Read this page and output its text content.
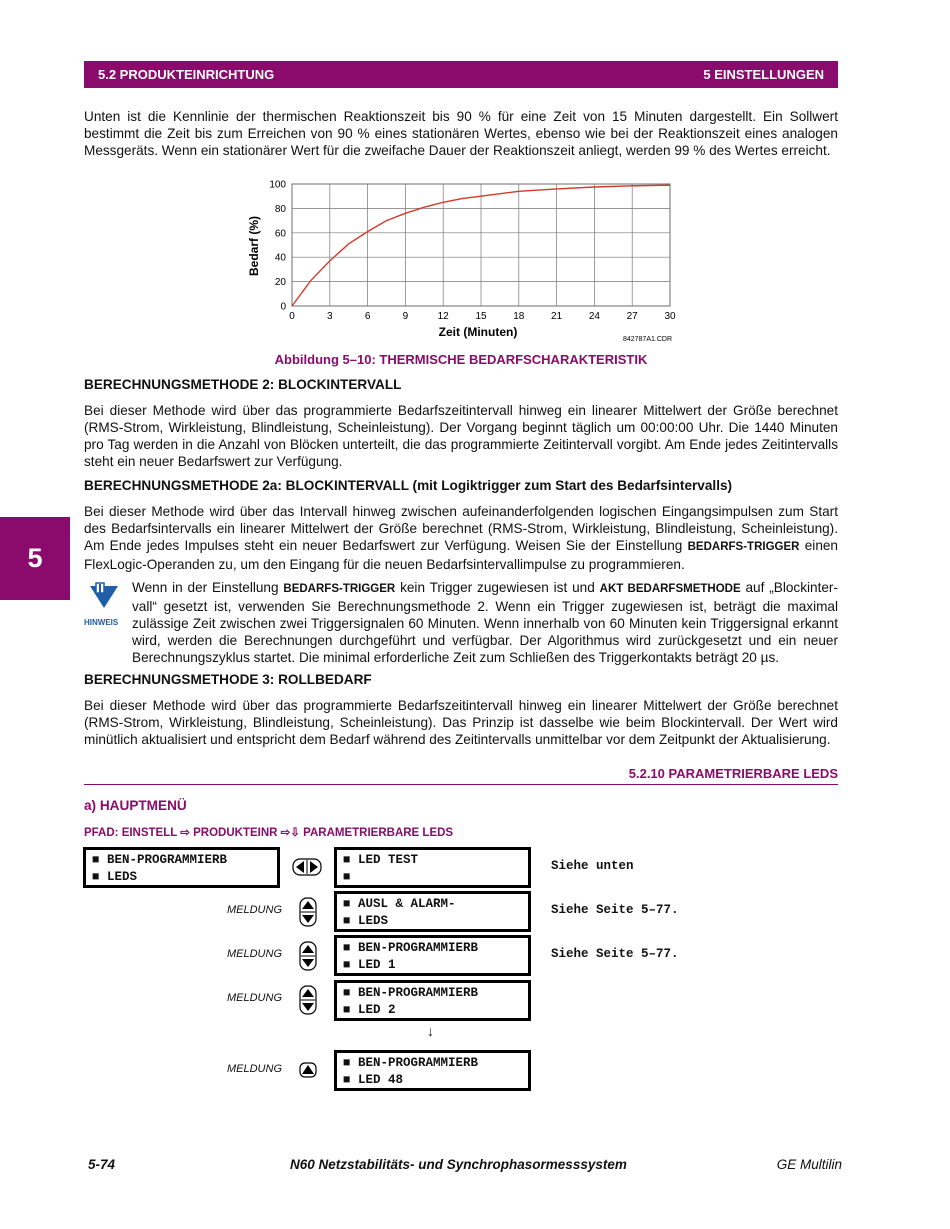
5.2 PRODUKTEINRICHTUNG	5 EINSTELLUNGEN

Unten ist die Kennlinie der thermischen Reaktionszeit bis 90 % für eine Zeit von 15 Minuten dargestellt. Ein Sollwert bestimmt die Zeit bis zum Erreichen von 90 % eines stationären Wertes, ebenso wie bei der Reaktionszeit eines analogen Messgeräts. Wenn ein stationärer Wert für die zweifache Dauer der Reaktionszeit anliegt, werden 99 % des Wertes erreicht.

0	3	6	9	12	15	18	21	24	27	30
0
20
40
60
80
100
Zeit (Minuten)
Bedarf (%)
842787A1.CDR
Abbildung 5–10: THERMISCHE BEDARFSCHARAKTERISTIK
BERECHNUNGSMETHODE 2: BLOCKINTERVALL

Bei dieser Methode wird über das programmierte Bedarfszeitintervall hinweg ein linearer Mittelwert der Größe berechnet (RMS-Strom, Wirkleistung, Blindleistung, Scheinleistung). Der Vorgang beginnt täglich um 00:00:00 Uhr. Die 1440 Minuten pro Tag werden in die Anzahl von Blöcken unterteilt, die das programmierte Zeitintervall vorgibt. Am Ende jedes Zeitintervalls steht ein neuer Bedarfswert zur Verfügung.

BERECHNUNGSMETHODE 2a: BLOCKINTERVALL (mit Logiktrigger zum Start des Bedarfsintervalls)

Bei dieser Methode wird über das Intervall hinweg zwischen aufeinanderfolgenden logischen Eingangsimpulsen zum Start des Bedarfsintervalls ein linearer Mittelwert der Größe berechnet (RMS-Strom, Wirkleistung, Blindleistung, Scheinleistung). Am Ende jedes Impulses steht ein neuer Bedarfswert zur Verfügung. Weisen Sie der Einstellung BEDARFS-TRIGGER einen FlexLogic-Operanden zu, um den Eingang für die neuen Bedarfsintervallimpulse zu programmieren.

5
HINWEIS

Wenn in der Einstellung BEDARFS-TRIGGER kein Trigger zugewiesen ist und AKT BEDARFSMETHODE auf „Blockintervall“ gesetzt ist, verwenden Sie Berechnungsmethode 2. Wenn ein Trigger zugewiesen ist, beträgt die maximal zulässige Zeit zwischen zwei Triggersignalen 60 Minuten. Wenn innerhalb von 60 Minuten kein Triggersignal erkannt wird, werden die Berechnungen durchgeführt und verfügbar. Der Algorithmus wird zurückgesetzt und ein neuer Berechnungszyklus startet. Die minimal erforderliche Zeit zum Schließen des Triggerkontakts beträgt 20 µs.

BERECHNUNGSMETHODE 3: ROLLBEDARF

Bei dieser Methode wird über das programmierte Bedarfszeitintervall hinweg ein linearer Mittelwert der Größe berechnet (RMS-Strom, Wirkleistung, Blindleistung, Scheinleistung). Das Prinzip ist dasselbe wie beim Blockintervall. Der Wert wird minütlich aktualisiert und entspricht dem Bedarf während des Zeitintervalls unmittelbar vor dem Zeitpunkt der Aktualisierung.

5.2.10 PARAMETRIERBARE LEDS
a) HAUPTMENÜ
PFAD: EINSTELL ⇨ PRODUKTEINR ⇨⇩ PARAMETRIERBARE LEDS
■ BEN-PROGRAMMIERB
■ LEDS
■ LED TEST
■
Siehe unten
MELDUNG	■ AUSL & ALARM-
■ LEDS
Siehe Seite 5–77.
MELDUNG	■ BEN-PROGRAMMIERB
■ LED 1
Siehe Seite 5–77.
MELDUNG	■ BEN-PROGRAMMIERB
■ LED 2
↓
MELDUNG	■ BEN-PROGRAMMIERB
■ LED 48
5-74	N60 Netzstabilitäts- und Synchrophasormesssystem	GE Multilin
